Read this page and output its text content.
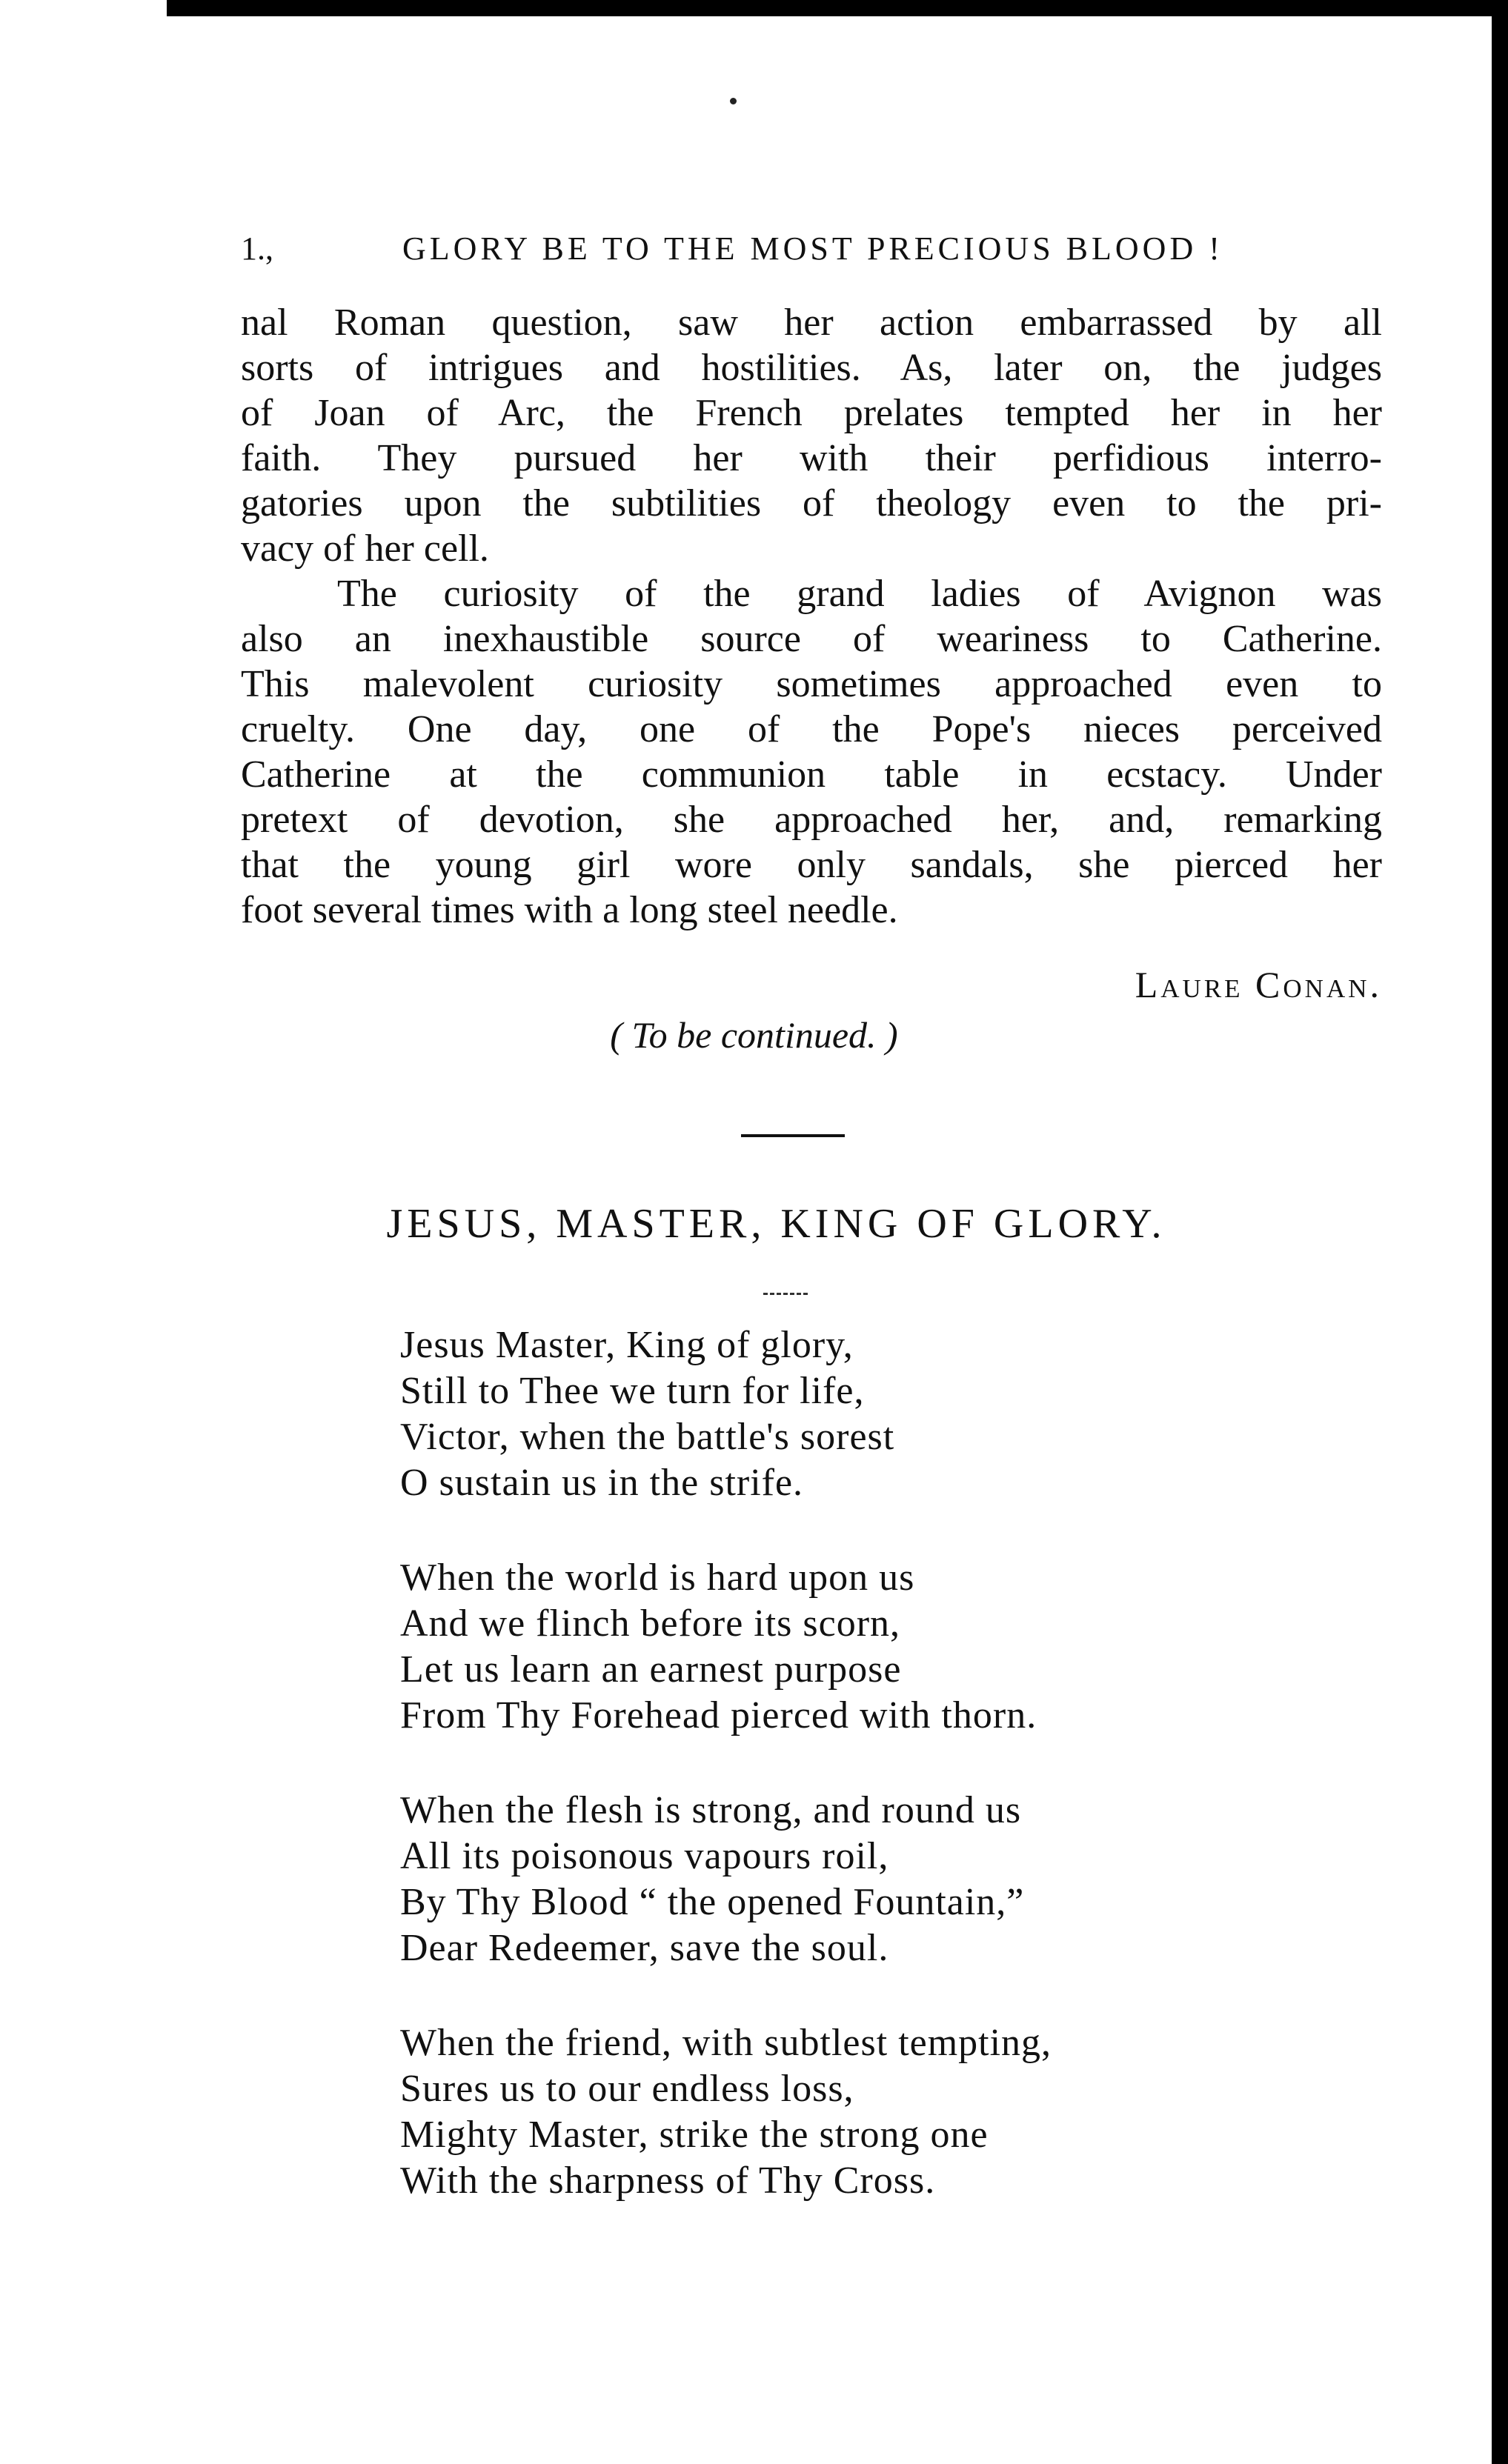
1.,	GLORY BE TO THE MOST PRECIOUS BLOOD !
nal Roman question, saw her action embarrassed by all
sorts of intrigues and hostilities. As, later on, the judges
of Joan of Arc, the French prelates tempted her in her
faith. They pursued her with their perfidious interro-
gatories upon the subtilities of theology even to the pri-
vacy of her cell.
The curiosity of the grand ladies of Avignon was
also an inexhaustible source of weariness to Catherine.
This malevolent curiosity sometimes approached even to
cruelty. One day, one of the Pope's nieces perceived
Catherine at the communion table in ecstacy. Under
pretext of devotion, she approached her, and, remarking
that the young girl wore only sandals, she pierced her
foot several times with a long steel needle.
Laure Conan.
( To be continued. )
JESUS, MASTER, KING OF GLORY.
Jesus Master, King of glory,
Still to Thee we turn for life,
Victor, when the battle's sorest
O sustain us in the strife.
When the world is hard upon us
And we flinch before its scorn,
Let us learn an earnest purpose
From Thy Forehead pierced with thorn.
When the flesh is strong, and round us
All its poisonous vapours roil,
By Thy Blood “ the opened Fountain,”
Dear Redeemer, save the soul.
When the friend, with subtlest tempting,
Sures us to our endless loss,
Mighty Master, strike the strong one
With the sharpness of Thy Cross.
